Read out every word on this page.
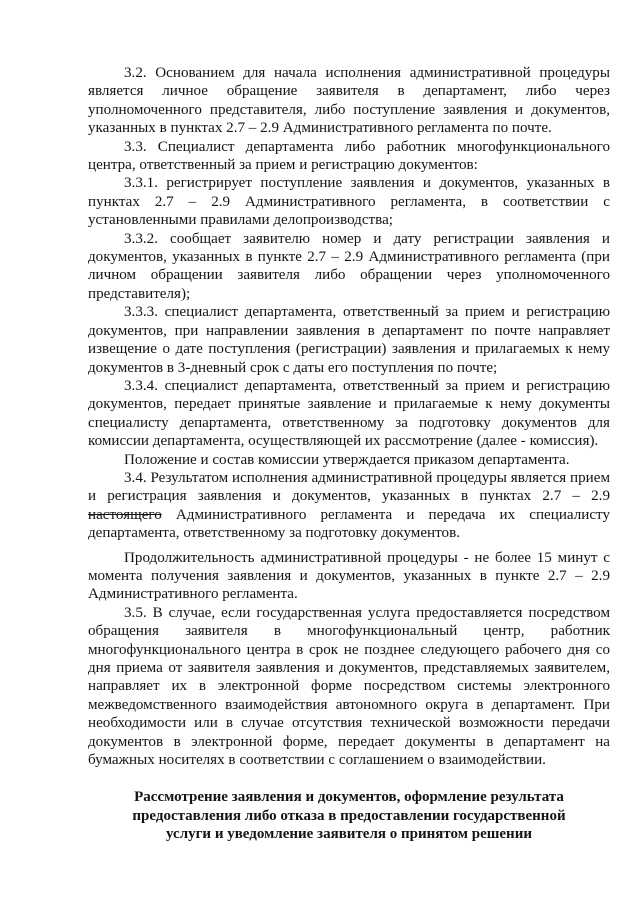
3.2. Основанием для начала исполнения административной процедуры является личное обращение заявителя в департамент, либо через уполномоченного представителя, либо поступление заявления и документов, указанных в пунктах 2.7 – 2.9 Административного регламента по почте.

3.3. Специалист департамента либо работник многофункционального центра, ответственный за прием и регистрацию документов:

3.3.1. регистрирует поступление заявления и документов, указанных в пунктах 2.7 – 2.9 Административного регламента, в соответствии с установленными правилами делопроизводства;

3.3.2. сообщает заявителю номер и дату регистрации заявления и документов, указанных в пункте 2.7 – 2.9 Административного регламента (при личном обращении заявителя либо обращении через уполномоченного представителя);

3.3.3. специалист департамента, ответственный за прием и регистрацию документов, при направлении заявления в департамент по почте направляет извещение о дате поступления (регистрации) заявления и прилагаемых к нему документов в 3-дневный срок с даты его поступления по почте;

3.3.4. специалист департамента, ответственный за прием и регистрацию документов, передает принятые заявление и прилагаемые к нему документы специалисту департамента, ответственному за подготовку документов для комиссии департамента, осуществляющей их рассмотрение (далее - комиссия).

Положение и состав комиссии утверждается приказом департамента.

3.4. Результатом исполнения административной процедуры является прием и регистрация заявления и документов, указанных в пунктах 2.7 – 2.9 настоящего Административного регламента и передача их специалисту департамента, ответственному за подготовку документов.

Продолжительность административной процедуры - не более 15 минут с момента получения заявления и документов, указанных в пункте 2.7 – 2.9 Административного регламента.

3.5. В случае, если государственная услуга предоставляется посредством обращения заявителя в многофункциональный центр, работник многофункционального центра в срок не позднее следующего рабочего дня со дня приема от заявителя заявления и документов, представляемых заявителем, направляет их в электронной форме посредством системы электронного межведомственного взаимодействия автономного округа в департамент. При необходимости или в случае отсутствия технической возможности передачи документов в электронной форме, передает документы в департамент на бумажных носителях в соответствии с соглашением о взаимодействии.

Рассмотрение заявления и документов, оформление результата предоставления либо отказа в предоставлении государственной услуги и уведомление заявителя о принятом решении
